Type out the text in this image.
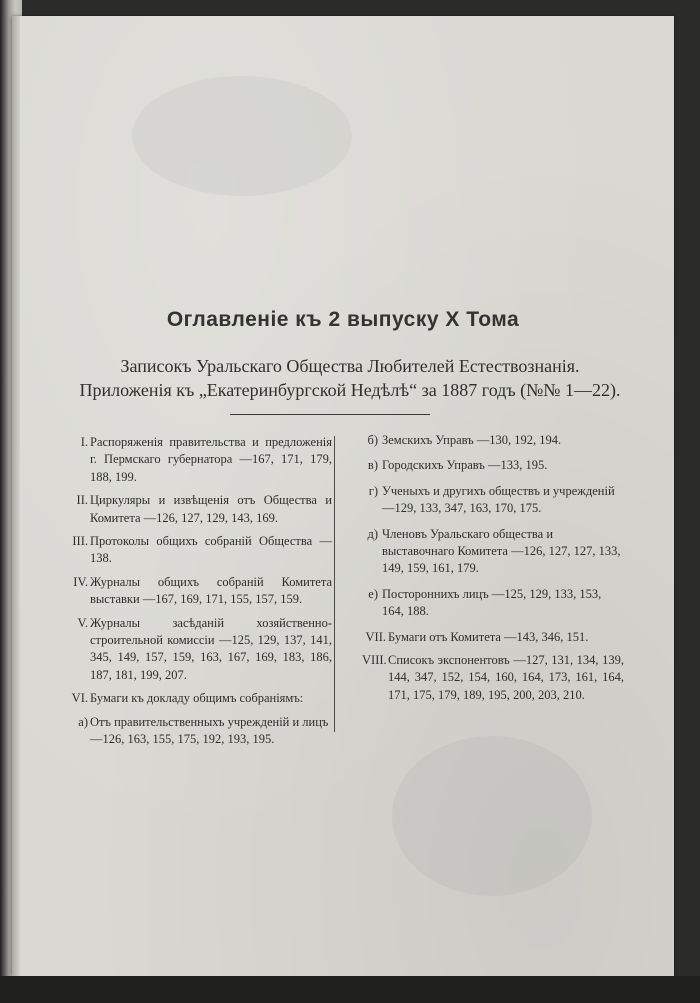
Оглавленіе къ 2 выпуску X Тома
Записокъ Уральскаго Общества Любителей Естествознанія.
Приложенія къ „Екатеринбургской Недѣлѣ“ за 1887 годъ (№№ 1—22).
I. Распоряженія правительства и предложенія г. Пермскаго губернатора —167, 171, 179, 188, 199.
II. Циркуляры и извѣщенія отъ Общества и Комитета —126, 127, 129, 143, 169.
III. Протоколы общихъ собраній Общества —138.
IV. Журналы общихъ собраній Комитета выставки —167, 169, 171, 155, 157, 159.
V. Журналы засѣданій хозяйственно-строительной комиссіи —125, 129, 137, 141, 345, 149, 157, 159, 163, 167, 169, 183, 186, 187, 181, 199, 207.
VI. Бумаги къ докладу общимъ собраніямъ:
а) Отъ правительственныхъ учрежденій и лицъ —126, 163, 155, 175, 192, 193, 195.
б) Земскихъ Управъ —130, 192, 194.
в) Городскихъ Управъ —133, 195.
г) Ученыхъ и другихъ обществъ и учрежденій —129, 133, 347, 163, 170, 175.
д) Членовъ Уральскаго общества и выставочнаго Комитета —126, 127, 127, 133, 149, 159, 161, 179.
е) Постороннихъ лицъ —125, 129, 133, 153, 164, 188.
VII. Бумаги отъ Комитета —143, 346, 151.
VIII. Списокъ экспонентовъ —127, 131, 134, 139, 144, 347, 152, 154, 160, 164, 173, 161, 164, 171, 175, 179, 189, 195, 200, 203, 210.
